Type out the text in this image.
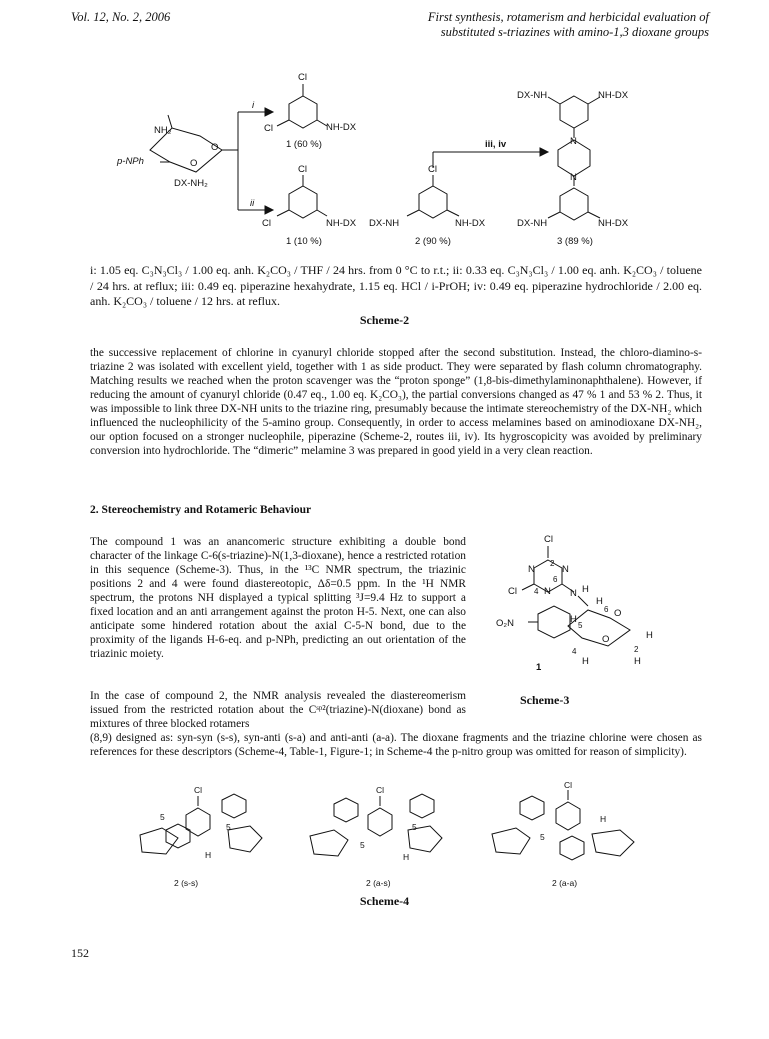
Vol. 12, No. 2, 2006	First synthesis, rotamerism and herbicidal evaluation of
substituted s-triazines with amino-1,3 dioxane groups
NH₂
O
O
p-NPh
DX-NH₂
i
ii
iii, iv
Cl
Cl	NH-DX
1 (60 %)
Cl
Cl	NH-DX
1 (10 %)
Cl
DX-NH	NH-DX
2 (90 %)
DX-NH	NH-DX
DX-NH	NH-DX
N
N
3 (89 %)
i: 1.05 eq. C₃N₃Cl₃ / 1.00 eq. anh. K₂CO₃ / THF / 24 hrs. from 0 °C to r.t.; ii: 0.33 eq. C₃N₃Cl₃ / 1.00 eq. anh. K₂CO₃ / toluene / 24 hrs. at reflux; iii: 0.49 eq. piperazine hexahydrate, 1.15 eq. HCl / i-PrOH; iv: 0.49 eq. piperazine hydrochloride / 2.00 eq. anh. K₂CO₃ / toluene / 12 hrs. at reflux.
Scheme-2
the successive replacement of chlorine in cyanuryl chloride stopped after the second substitution. Instead, the chloro-diamino-s-triazine 2 was isolated with excellent yield, together with 1 as side product. They were separated by flash column chromatography. Matching results we reached when the proton scavenger was the “proton sponge” (1,8-bis-dimethylaminonaphthalene). However, if reducing the amount of cyanuryl chloride (0.47 eq., 1.00 eq. K₂CO₃), the partial conversions changed as 47 % 1 and 53 % 2. Thus, it was impossible to link three DX-NH units to the triazine ring, presumably because the intimate stereochemistry of the DX-NH₂ which influenced the nucleophilicity of the 5-amino group. Consequently, in order to access melamines based on aminodioxane DX-NH₂, our option focused on a stronger nucleophile, piperazine (Scheme-2, routes iii, iv). Its hygroscopicity was avoided by preliminary conversion into hydrochloride. The “dimeric” melamine 3 was prepared in good yield in a very clean reaction.
2. Stereochemistry and Rotameric Behaviour
The compound 1 was an anancomeric structure exhibiting a double bond character of the linkage C-6(s-triazine)-N(1,3-dioxane), hence a restricted rotation in this sequence (Scheme-3). Thus, in the ¹³C NMR spectrum, the triazinic positions 2 and 4 were found diastereotopic, Δδ=0.5 ppm. In the ¹H NMR spectrum, the protons NH displayed a typical splitting ³J=9.4 Hz to support a fixed location and an anti arrangement against the proton H-5. Next, one can also anticipate some hindered rotation about the axial C-5-N bond, due to the proximity of the ligands H-6-eq. and p-NPh, predicting an out orientation of the triazinic moiety.
Cl
2
N	N
6
Cl 4 N N H
H
6 O
O	H
2
H
H
5
4
H
O₂N
1
Scheme-3
In the case of compound 2, the NMR analysis revealed the diastereomerism issued from the restricted rotation about the Cˢᵖ²(triazine)-N(dioxane) bond as mixtures of three blocked rotamers
(8,9) designed as: syn-syn (s-s), syn-anti (s-a) and anti-anti (a-a). The dioxane fragments and the triazine chlorine were chosen as references for these descriptors (Scheme-4, Table-1, Figure-1; in Scheme-4 the p-nitro group was omitted for reason of simplicity).
Cl	Cl	Cl
H	H
H
5
5
5
5
5
2 (s-s)	2 (a-s)	2 (a-a)
Scheme-4
152
